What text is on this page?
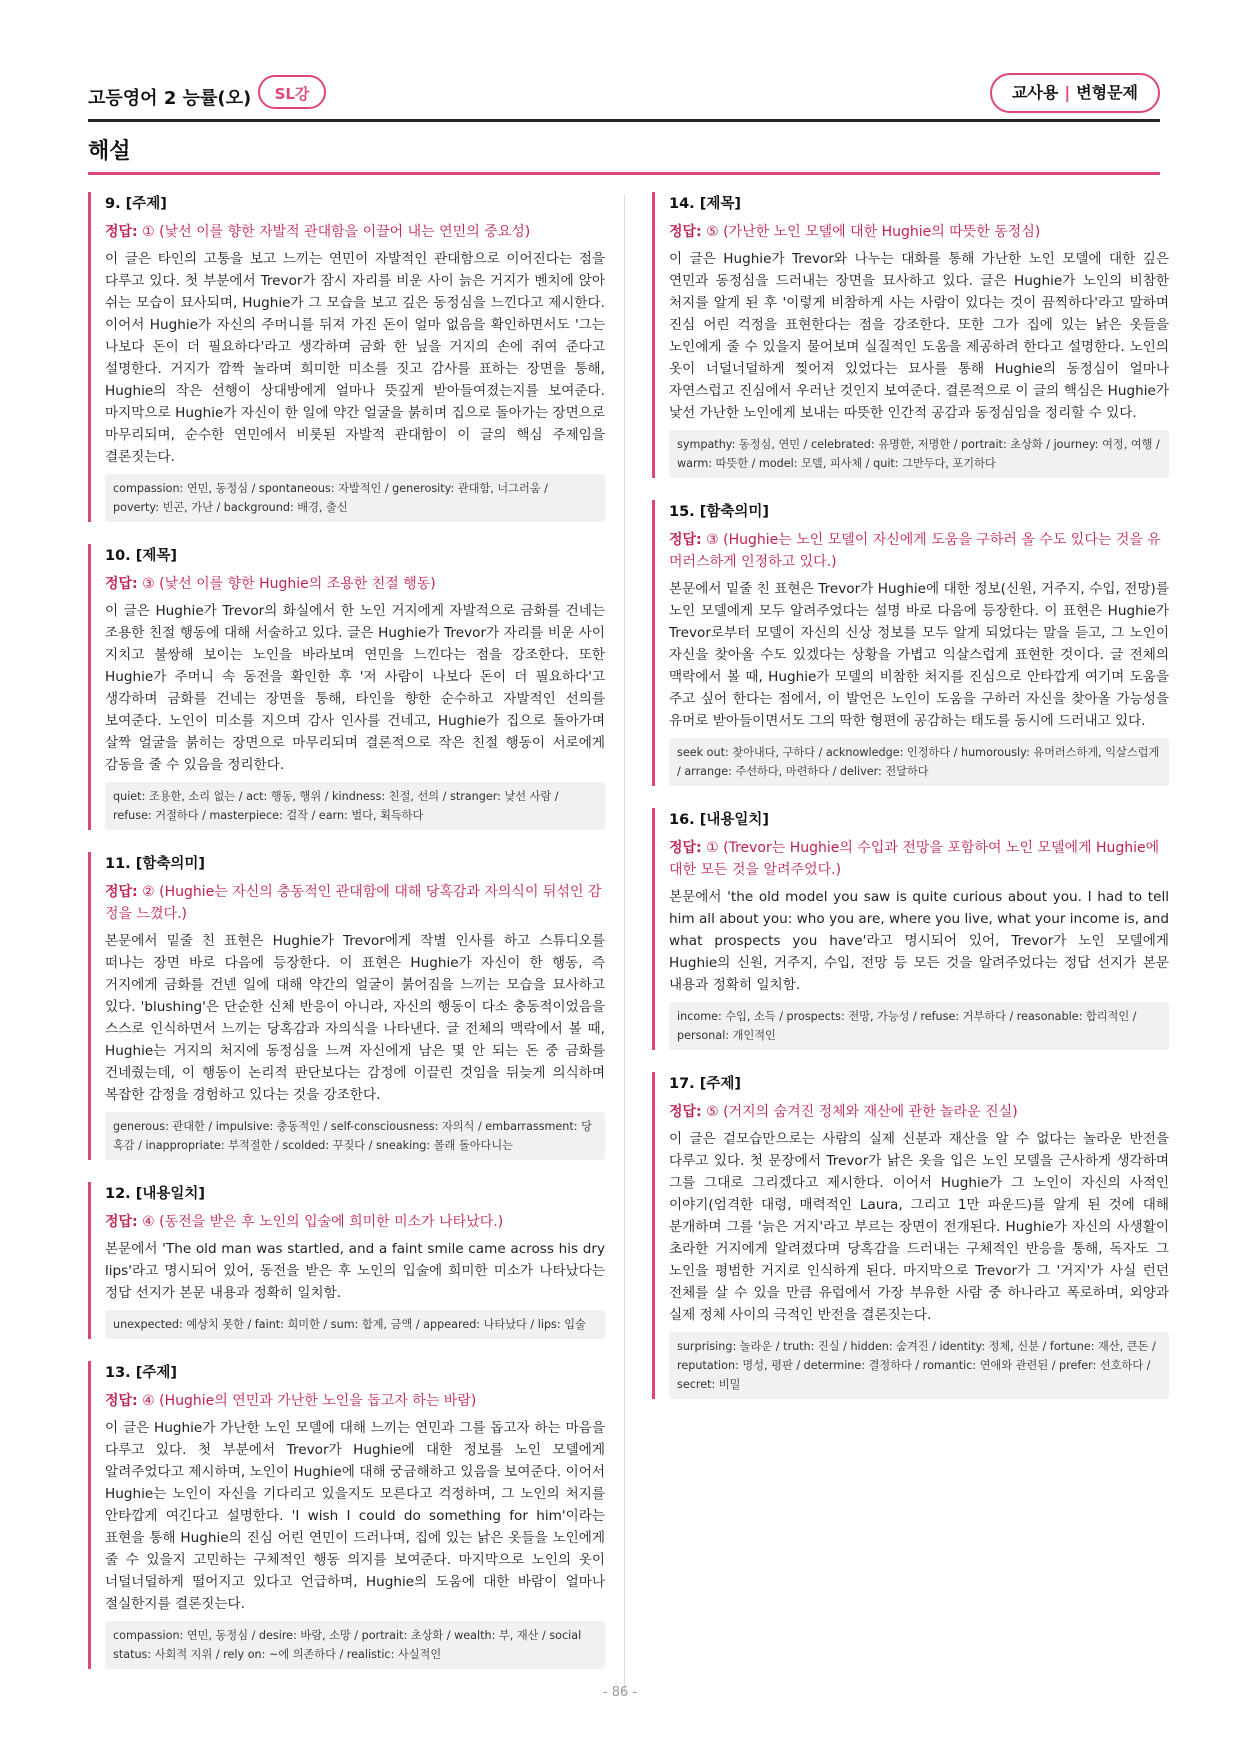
고등영어 2 능률(오)	SL강	교사용 | 변형문제
해설
9. [주제]
정답: ① (낯선 이를 향한 자발적 관대함을 이끌어 내는 연민의 중요성)
이 글은 타인의 고통을 보고 느끼는 연민이 자발적인 관대함으로 이어진다는 점을 다루고 있다. 첫 부분에서 Trevor가 잠시 자리를 비운 사이 늙은 거지가 벤치에 앉아 쉬는 모습이 묘사되며, Hughie가 그 모습을 보고 깊은 동정심을 느낀다고 제시한다. 이어서 Hughie가 자신의 주머니를 뒤져 가진 돈이 얼마 없음을 확인하면서도 '그는 나보다 돈이 더 필요하다'라고 생각하며 금화 한 닢을 거지의 손에 쥐여 준다고 설명한다. 거지가 깜짝 놀라며 희미한 미소를 짓고 감사를 표하는 장면을 통해, Hughie의 작은 선행이 상대방에게 얼마나 뜻깊게 받아들여졌는지를 보여준다. 마지막으로 Hughie가 자신이 한 일에 약간 얼굴을 붉히며 집으로 돌아가는 장면으로 마무리되며, 순수한 연민에서 비롯된 자발적 관대함이 이 글의 핵심 주제임을 결론짓는다.
compassion: 연민, 동정심 / spontaneous: 자발적인 / generosity: 관대함, 너그러움 / poverty: 빈곤, 가난 / background: 배경, 출신
10. [제목]
정답: ③ (낯선 이를 향한 Hughie의 조용한 친절 행동)
이 글은 Hughie가 Trevor의 화실에서 한 노인 거지에게 자발적으로 금화를 건네는 조용한 친절 행동에 대해 서술하고 있다. 글은 Hughie가 Trevor가 자리를 비운 사이 지치고 불쌍해 보이는 노인을 바라보며 연민을 느낀다는 점을 강조한다. 또한 Hughie가 주머니 속 동전을 확인한 후 '저 사람이 나보다 돈이 더 필요하다'고 생각하며 금화를 건네는 장면을 통해, 타인을 향한 순수하고 자발적인 선의를 보여준다. 노인이 미소를 지으며 감사 인사를 건네고, Hughie가 집으로 돌아가며 살짝 얼굴을 붉히는 장면으로 마무리되며 결론적으로 작은 친절 행동이 서로에게 감동을 줄 수 있음을 정리한다.
quiet: 조용한, 소리 없는 / act: 행동, 행위 / kindness: 친절, 선의 / stranger: 낯선 사람 / refuse: 거절하다 / masterpiece: 걸작 / earn: 벌다, 획득하다
11. [함축의미]
정답: ② (Hughie는 자신의 충동적인 관대함에 대해 당혹감과 자의식이 뒤섞인 감정을 느꼈다.)
본문에서 밑줄 친 표현은 Hughie가 Trevor에게 작별 인사를 하고 스튜디오를 떠나는 장면 바로 다음에 등장한다. 이 표현은 Hughie가 자신이 한 행동, 즉 거지에게 금화를 건넨 일에 대해 약간의 얼굴이 붉어짐을 느끼는 모습을 묘사하고 있다. 'blushing'은 단순한 신체 반응이 아니라, 자신의 행동이 다소 충동적이었음을 스스로 인식하면서 느끼는 당혹감과 자의식을 나타낸다. 글 전체의 맥락에서 볼 때, Hughie는 거지의 처지에 동정심을 느껴 자신에게 남은 몇 안 되는 돈 중 금화를 건네줬는데, 이 행동이 논리적 판단보다는 감정에 이끌린 것임을 뒤늦게 의식하며 복잡한 감정을 경험하고 있다는 것을 강조한다.
generous: 관대한 / impulsive: 충동적인 / self-consciousness: 자의식 / embarrassment: 당혹감 / inappropriate: 부적절한 / scolded: 꾸짖다 / sneaking: 몰래 돌아다니는
12. [내용일치]
정답: ④ (동전을 받은 후 노인의 입술에 희미한 미소가 나타났다.)
본문에서 'The old man was startled, and a faint smile came across his dry lips'라고 명시되어 있어, 동전을 받은 후 노인의 입술에 희미한 미소가 나타났다는 정답 선지가 본문 내용과 정확히 일치함.
unexpected: 예상치 못한 / faint: 희미한 / sum: 합계, 금액 / appeared: 나타났다 / lips: 입술
13. [주제]
정답: ④ (Hughie의 연민과 가난한 노인을 돕고자 하는 바람)
이 글은 Hughie가 가난한 노인 모델에 대해 느끼는 연민과 그를 돕고자 하는 마음을 다루고 있다. 첫 부분에서 Trevor가 Hughie에 대한 정보를 노인 모델에게 알려주었다고 제시하며, 노인이 Hughie에 대해 궁금해하고 있음을 보여준다. 이어서 Hughie는 노인이 자신을 기다리고 있을지도 모른다고 걱정하며, 그 노인의 처지를 안타깝게 여긴다고 설명한다. 'I wish I could do something for him'이라는 표현을 통해 Hughie의 진심 어린 연민이 드러나며, 집에 있는 낡은 옷들을 노인에게 줄 수 있을지 고민하는 구체적인 행동 의지를 보여준다. 마지막으로 노인의 옷이 너덜너덜하게 떨어지고 있다고 언급하며, Hughie의 도움에 대한 바람이 얼마나 절실한지를 결론짓는다.
compassion: 연민, 동정심 / desire: 바람, 소망 / portrait: 초상화 / wealth: 부, 재산 / social status: 사회적 지위 / rely on: ~에 의존하다 / realistic: 사실적인
14. [제목]
정답: ⑤ (가난한 노인 모델에 대한 Hughie의 따뜻한 동정심)
이 글은 Hughie가 Trevor와 나누는 대화를 통해 가난한 노인 모델에 대한 깊은 연민과 동정심을 드러내는 장면을 묘사하고 있다. 글은 Hughie가 노인의 비참한 처지를 알게 된 후 '이렇게 비참하게 사는 사람이 있다는 것이 끔찍하다'라고 말하며 진심 어린 걱정을 표현한다는 점을 강조한다. 또한 그가 집에 있는 낡은 옷들을 노인에게 줄 수 있을지 물어보며 실질적인 도움을 제공하려 한다고 설명한다. 노인의 옷이 너덜너덜하게 찢어져 있었다는 묘사를 통해 Hughie의 동정심이 얼마나 자연스럽고 진심에서 우러난 것인지 보여준다. 결론적으로 이 글의 핵심은 Hughie가 낯선 가난한 노인에게 보내는 따뜻한 인간적 공감과 동정심임을 정리할 수 있다.
sympathy: 동정심, 연민 / celebrated: 유명한, 저명한 / portrait: 초상화 / journey: 여정, 여행 / warm: 따뜻한 / model: 모델, 피사체 / quit: 그만두다, 포기하다
15. [함축의미]
정답: ③ (Hughie는 노인 모델이 자신에게 도움을 구하러 올 수도 있다는 것을 유머러스하게 인정하고 있다.)
본문에서 밑줄 친 표현은 Trevor가 Hughie에 대한 정보(신원, 거주지, 수입, 전망)를 노인 모델에게 모두 알려주었다는 설명 바로 다음에 등장한다. 이 표현은 Hughie가 Trevor로부터 모델이 자신의 신상 정보를 모두 알게 되었다는 말을 듣고, 그 노인이 자신을 찾아올 수도 있겠다는 상황을 가볍고 익살스럽게 표현한 것이다. 글 전체의 맥락에서 볼 때, Hughie가 모델의 비참한 처지를 진심으로 안타깝게 여기며 도움을 주고 싶어 한다는 점에서, 이 발언은 노인이 도움을 구하러 자신을 찾아올 가능성을 유머로 받아들이면서도 그의 딱한 형편에 공감하는 태도를 동시에 드러내고 있다.
seek out: 찾아내다, 구하다 / acknowledge: 인정하다 / humorously: 유머러스하게, 익살스럽게 / arrange: 주선하다, 마련하다 / deliver: 전달하다
16. [내용일치]
정답: ① (Trevor는 Hughie의 수입과 전망을 포함하여 노인 모델에게 Hughie에 대한 모든 것을 알려주었다.)
본문에서 'the old model you saw is quite curious about you. I had to tell him all about you: who you are, where you live, what your income is, and what prospects you have'라고 명시되어 있어, Trevor가 노인 모델에게 Hughie의 신원, 거주지, 수입, 전망 등 모든 것을 알려주었다는 정답 선지가 본문 내용과 정확히 일치함.
income: 수입, 소득 / prospects: 전망, 가능성 / refuse: 거부하다 / reasonable: 합리적인 / personal: 개인적인
17. [주제]
정답: ⑤ (거지의 숨겨진 정체와 재산에 관한 놀라운 진실)
이 글은 겉모습만으로는 사람의 실제 신분과 재산을 알 수 없다는 놀라운 반전을 다루고 있다. 첫 문장에서 Trevor가 낡은 옷을 입은 노인 모델을 근사하게 생각하며 그를 그대로 그리겠다고 제시한다. 이어서 Hughie가 그 노인이 자신의 사적인 이야기(엄격한 대령, 매력적인 Laura, 그리고 1만 파운드)를 알게 된 것에 대해 분개하며 그를 '늙은 거지'라고 부르는 장면이 전개된다. Hughie가 자신의 사생활이 초라한 거지에게 알려졌다며 당혹감을 드러내는 구체적인 반응을 통해, 독자도 그 노인을 평범한 거지로 인식하게 된다. 마지막으로 Trevor가 그 '거지'가 사실 런던 전체를 살 수 있을 만큼 유럽에서 가장 부유한 사람 중 하나라고 폭로하며, 외양과 실제 정체 사이의 극적인 반전을 결론짓는다.
surprising: 놀라운 / truth: 진실 / hidden: 숨겨진 / identity: 정체, 신분 / fortune: 재산, 큰돈 / reputation: 명성, 평판 / determine: 결정하다 / romantic: 연애와 관련된 / prefer: 선호하다 / secret: 비밀
- 86 -
